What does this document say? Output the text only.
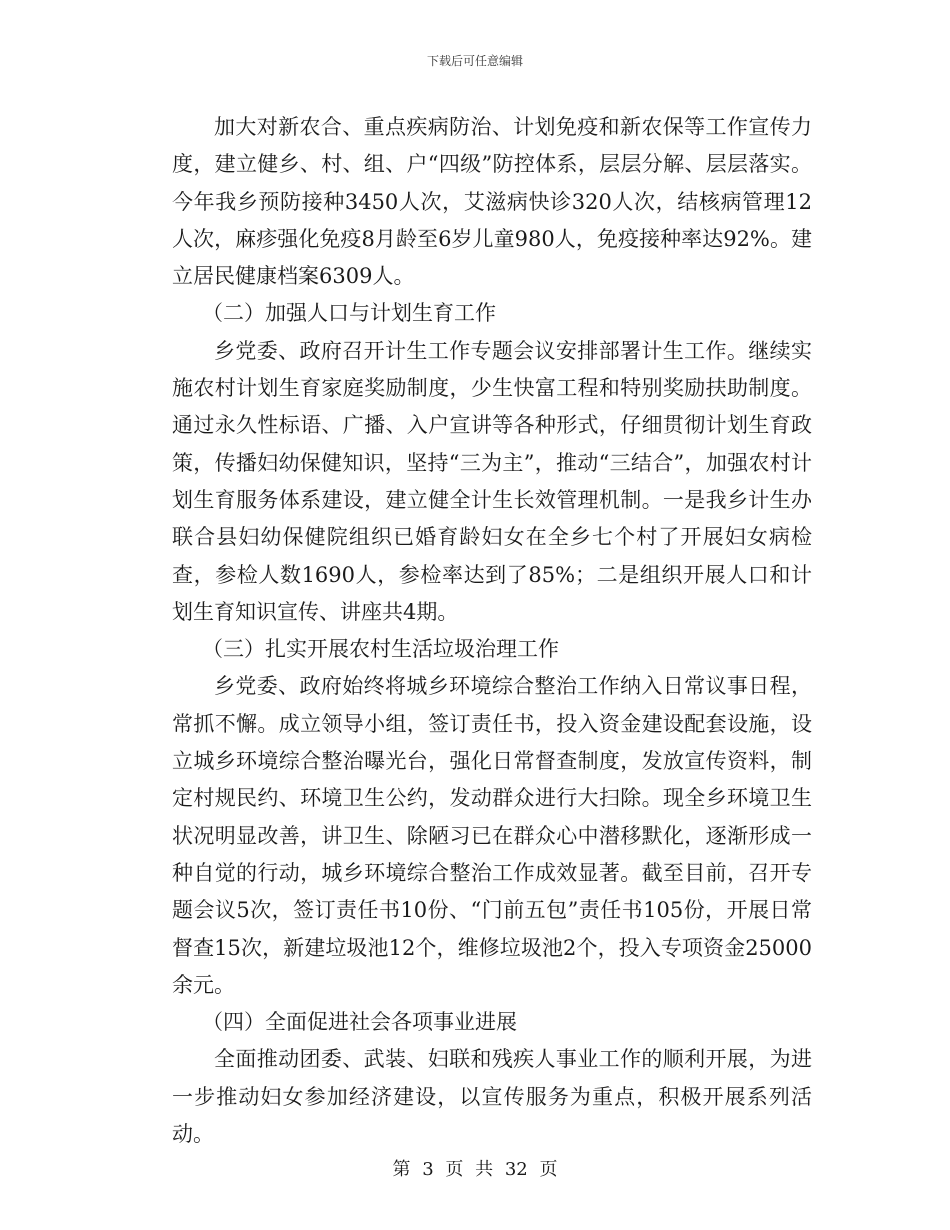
下载后可任意编辑

加大对新农合、重点疾病防治、计划免疫和新农保等工作宣传力度，建立健乡、村、组、户“四级”防控体系，层层分解、层层落实。今年我乡预防接种3450人次，艾滋病快诊320人次，结核病管理12人次，麻疹强化免疫8月龄至6岁儿童980人，免疫接种率达92%。建立居民健康档案6309人。

（二）加强人口与计划生育工作

乡党委、政府召开计生工作专题会议安排部署计生工作。继续实施农村计划生育家庭奖励制度，少生快富工程和特别奖励扶助制度。通过永久性标语、广播、入户宣讲等各种形式，仔细贯彻计划生育政策，传播妇幼保健知识，坚持“三为主”，推动“三结合”，加强农村计划生育服务体系建设，建立健全计生长效管理机制。一是我乡计生办联合县妇幼保健院组织已婚育龄妇女在全乡七个村了开展妇女病检查，参检人数1690人，参检率达到了85%；二是组织开展人口和计划生育知识宣传、讲座共4期。

（三）扎实开展农村生活垃圾治理工作

乡党委、政府始终将城乡环境综合整治工作纳入日常议事日程，常抓不懈。成立领导小组，签订责任书，投入资金建设配套设施，设立城乡环境综合整治曝光台，强化日常督查制度，发放宣传资料，制定村规民约、环境卫生公约，发动群众进行大扫除。现全乡环境卫生状况明显改善，讲卫生、除陋习已在群众心中潜移默化，逐渐形成一种自觉的行动，城乡环境综合整治工作成效显著。截至目前，召开专题会议5次，签订责任书10份、“门前五包”责任书105份，开展日常督查15次，新建垃圾池12个，维修垃圾池2个，投入专项资金25000余元。

（四）全面促进社会各项事业进展

全面推动团委、武装、妇联和残疾人事业工作的顺利开展，为进一步推动妇女参加经济建设，以宣传服务为重点，积极开展系列活动。

第 3 页 共 32 页
